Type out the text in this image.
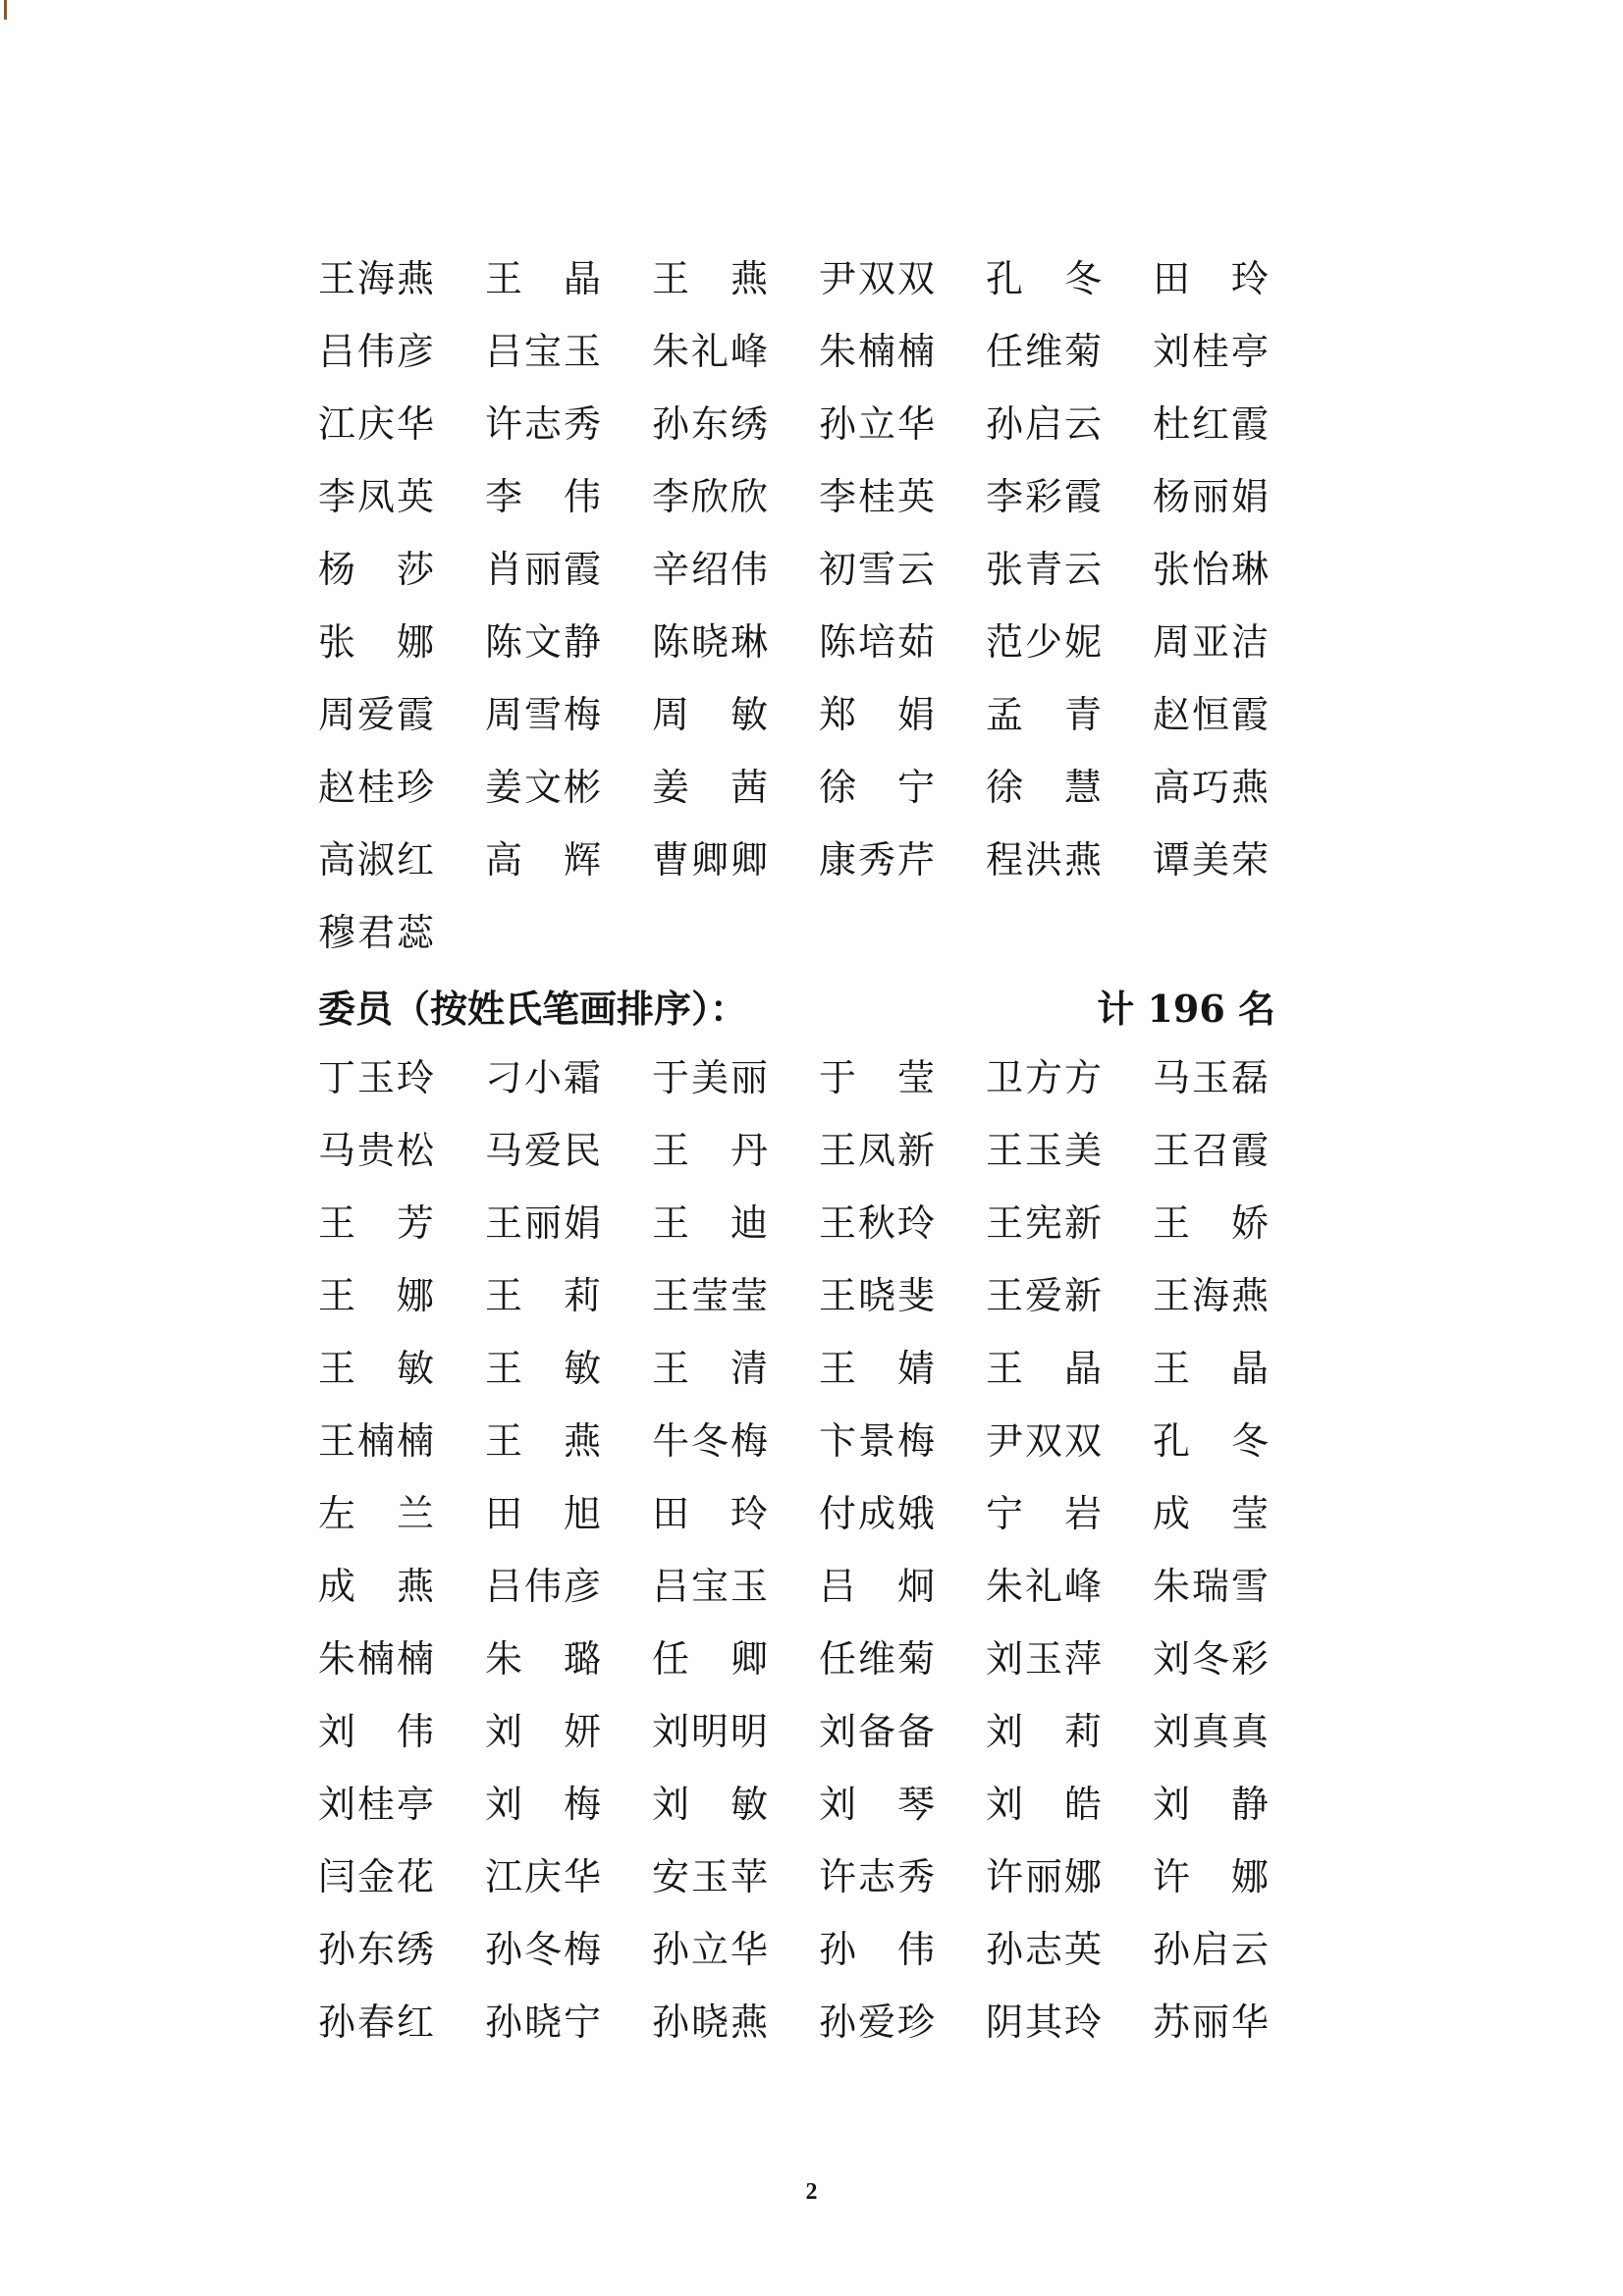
王海燕	王　晶	王　燕	尹双双	孔　冬	田　玲
吕伟彦	吕宝玉	朱礼峰	朱楠楠	任维菊	刘桂亭
江庆华	许志秀	孙东绣	孙立华	孙启云	杜红霞
李凤英	李　伟	李欣欣	李桂英	李彩霞	杨丽娟
杨　莎	肖丽霞	辛绍伟	初雪云	张青云	张怡琳
张　娜	陈文静	陈晓琳	陈培茹	范少妮	周亚洁
周爱霞	周雪梅	周　敏	郑　娟	孟　青	赵恒霞
赵桂珍	姜文彬	姜　茜	徐　宁	徐　慧	高巧燕
高淑红	高　辉	曹卿卿	康秀芹	程洪燕	谭美荣
穆君蕊
委员（按姓氏笔画排序）：	计 196 名
丁玉玲	刁小霜	于美丽	于　莹	卫方方	马玉磊
马贵松	马爱民	王　丹	王凤新	王玉美	王召霞
王　芳	王丽娟	王　迪	王秋玲	王宪新	王　娇
王　娜	王　莉	王莹莹	王晓斐	王爱新	王海燕
王　敏	王　敏	王　清	王　婧	王　晶	王　晶
王楠楠	王　燕	牛冬梅	卞景梅	尹双双	孔　冬
左　兰	田　旭	田　玲	付成娥	宁　岩	成　莹
成　燕	吕伟彦	吕宝玉	吕　炯	朱礼峰	朱瑞雪
朱楠楠	朱　璐	任　卿	任维菊	刘玉萍	刘冬彩
刘　伟	刘　妍	刘明明	刘备备	刘　莉	刘真真
刘桂亭	刘　梅	刘　敏	刘　琴	刘　皓	刘　静
闫金花	江庆华	安玉苹	许志秀	许丽娜	许　娜
孙东绣	孙冬梅	孙立华	孙　伟	孙志英	孙启云
孙春红	孙晓宁	孙晓燕	孙爱珍	阴其玲	苏丽华
2
